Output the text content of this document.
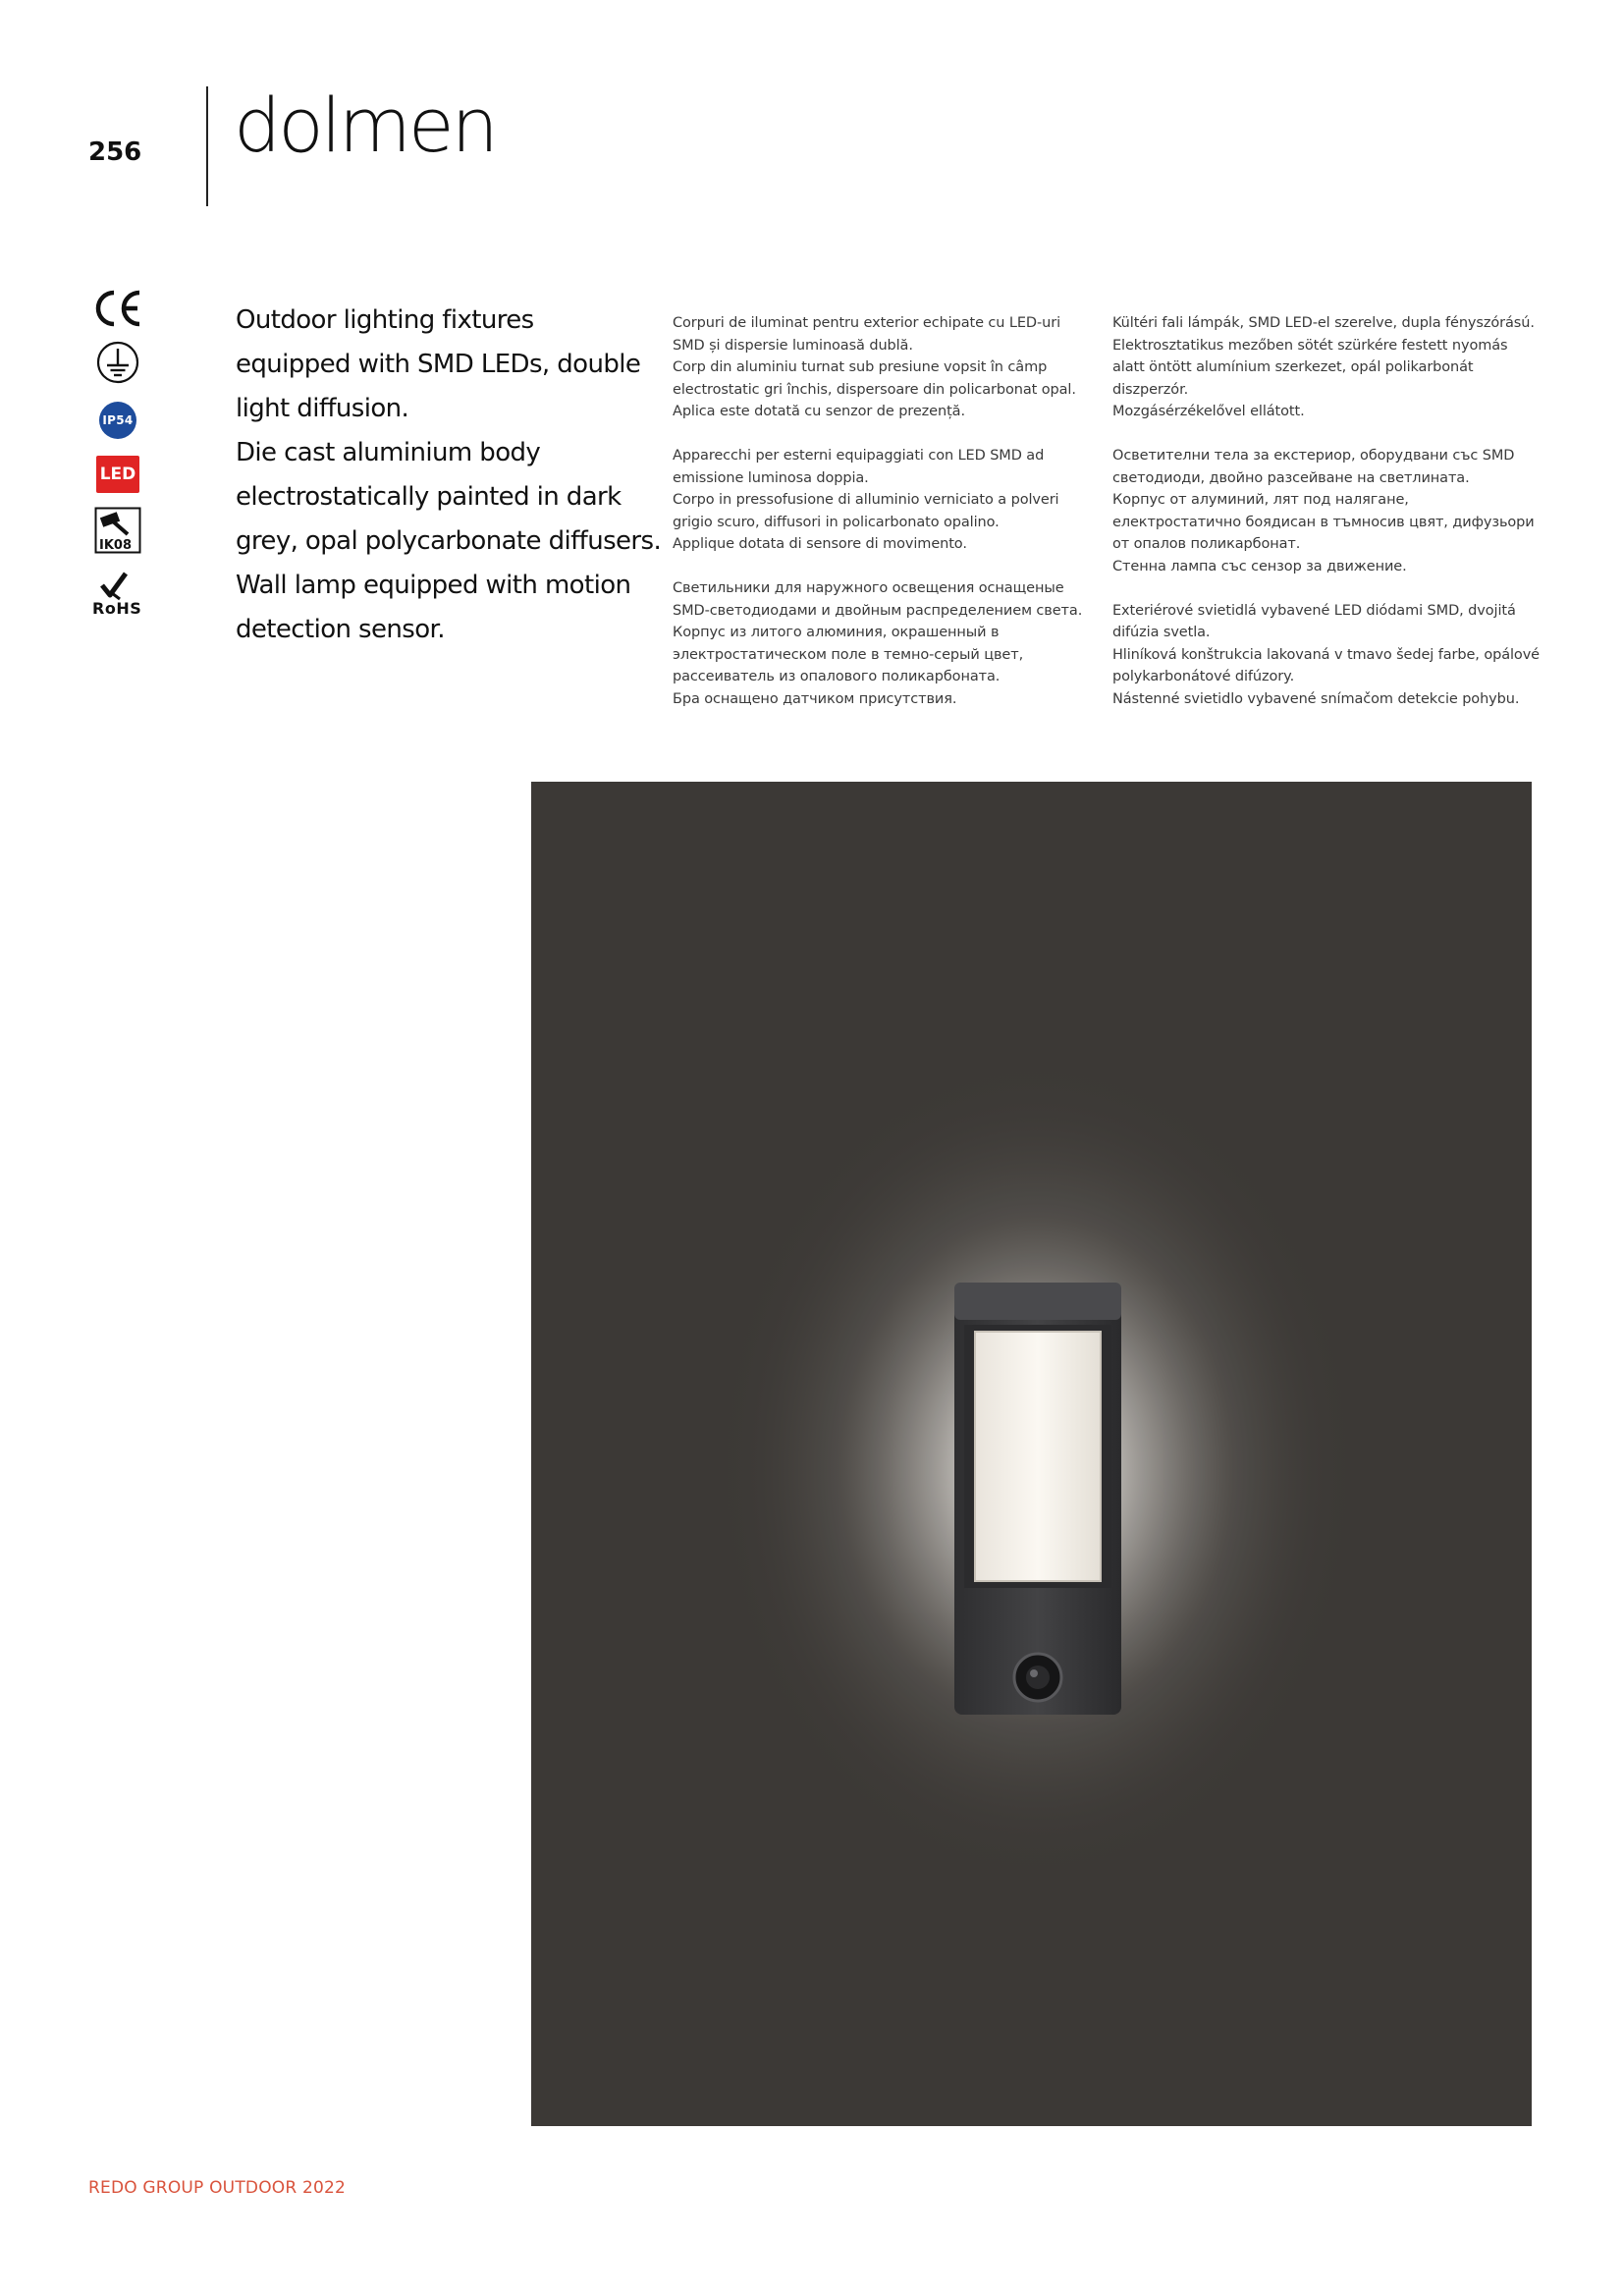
256 dolmen
IP54
LED
IK08
RoHS

Outdoor lighting fixtures

equipped with SMD LEDs, double

light diffusion.

Die cast aluminium body

electrostatically painted in dark

grey, opal polycarbonate diffusers.

Wall lamp equipped with motion

detection sensor.

Corpuri de iluminat pentru exterior echipate cu LED-uri
SMD și dispersie luminoasă dublă.
Corp din aluminiu turnat sub presiune vopsit în câmp
electrostatic gri închis, dispersoare din policarbonat opal.
Aplica este dotată cu senzor de prezență.

Apparecchi per esterni equipaggiati con LED SMD ad
emissione luminosa doppia.
Corpo in pressofusione di alluminio verniciato a polveri
grigio scuro, diffusori in policarbonato opalino.
Applique dotata di sensore di movimento.

Светильники для наружного освещения оснащеные
SMD-светодиодами и двойным распределением света.
Корпус из литого алюминия, окрашенный в
электростатическом поле в темно-серый цвет,
рассеиватель из опалового поликарбоната.
Бра оснащено датчиком присутствия.

Kültéri fali lámpák, SMD LED-el szerelve, dupla fényszórású.
Elektrosztatikus mezőben sötét szürkére festett nyomás
alatt öntött alumínium szerkezet, opál polikarbonát
diszperzór.
Mozgásérzékelővel ellátott.

Осветителни тела за екстериор, оборудвани със SMD
светодиоди, двойно разсейване на светлината.
Корпус от алуминий, лят под налягане,
електростатично боядисан в тъмносив цвят, дифузьори
от опалов поликарбонат.
Стенна лампа със сензор за движение.

Exteriérové svietidlá vybavené LED diódami SMD, dvojitá
difúzia svetla.
Hliníková konštrukcia lakovaná v tmavo šedej farbe, opálové
polykarbonátové difúzory.
Nástenné svietidlo vybavené snímačom detekcie pohybu.

REDO GROUP OUTDOOR 2022
